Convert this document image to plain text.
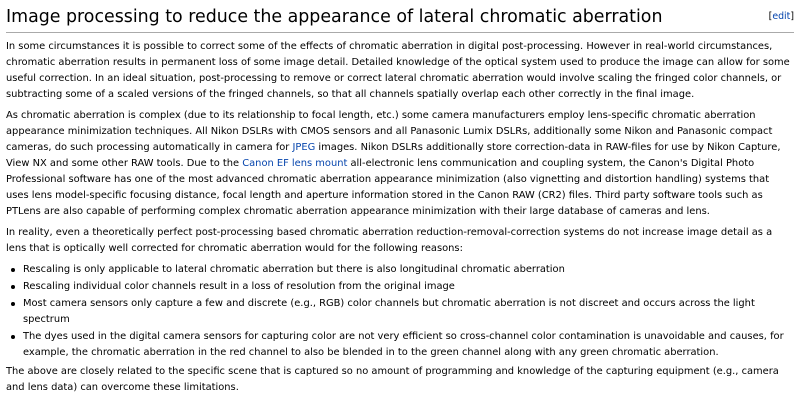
Image processing to reduce the appearance of lateral chromatic aberration	[edit]

In some circumstances it is possible to correct some of the effects of chromatic aberration in digital post-processing. However in real-world circumstances, chromatic aberration results in permanent loss of some image detail. Detailed knowledge of the optical system used to produce the image can allow for some useful correction. In an ideal situation, post-processing to remove or correct lateral chromatic aberration would involve scaling the fringed color channels, or subtracting some of a scaled versions of the fringed channels, so that all channels spatially overlap each other correctly in the final image.

As chromatic aberration is complex (due to its relationship to focal length, etc.) some camera manufacturers employ lens-specific chromatic aberration appearance minimization techniques. All Nikon DSLRs with CMOS sensors and all Panasonic Lumix DSLRs, additionally some Nikon and Panasonic compact cameras, do such processing automatically in camera for JPEG images. Nikon DSLRs additionally store correction-data in RAW-files for use by Nikon Capture, View NX and some other RAW tools. Due to the Canon EF lens mount all-electronic lens communication and coupling system, the Canon's Digital Photo Professional software has one of the most advanced chromatic aberration appearance minimization (also vignetting and distortion handling) systems that uses lens model-specific focusing distance, focal length and aperture information stored in the Canon RAW (CR2) files. Third party software tools such as PTLens are also capable of performing complex chromatic aberration appearance minimization with their large database of cameras and lens.

In reality, even a theoretically perfect post-processing based chromatic aberration reduction-removal-correction systems do not increase image detail as a lens that is optically well corrected for chromatic aberration would for the following reasons:

Rescaling is only applicable to lateral chromatic aberration but there is also longitudinal chromatic aberration
Rescaling individual color channels result in a loss of resolution from the original image
Most camera sensors only capture a few and discrete (e.g., RGB) color channels but chromatic aberration is not discreet and occurs across the light spectrum
The dyes used in the digital camera sensors for capturing color are not very efficient so cross-channel color contamination is unavoidable and causes, for example, the chromatic aberration in the red channel to also be blended in to the green channel along with any green chromatic aberration.

The above are closely related to the specific scene that is captured so no amount of programming and knowledge of the capturing equipment (e.g., camera and lens data) can overcome these limitations.
